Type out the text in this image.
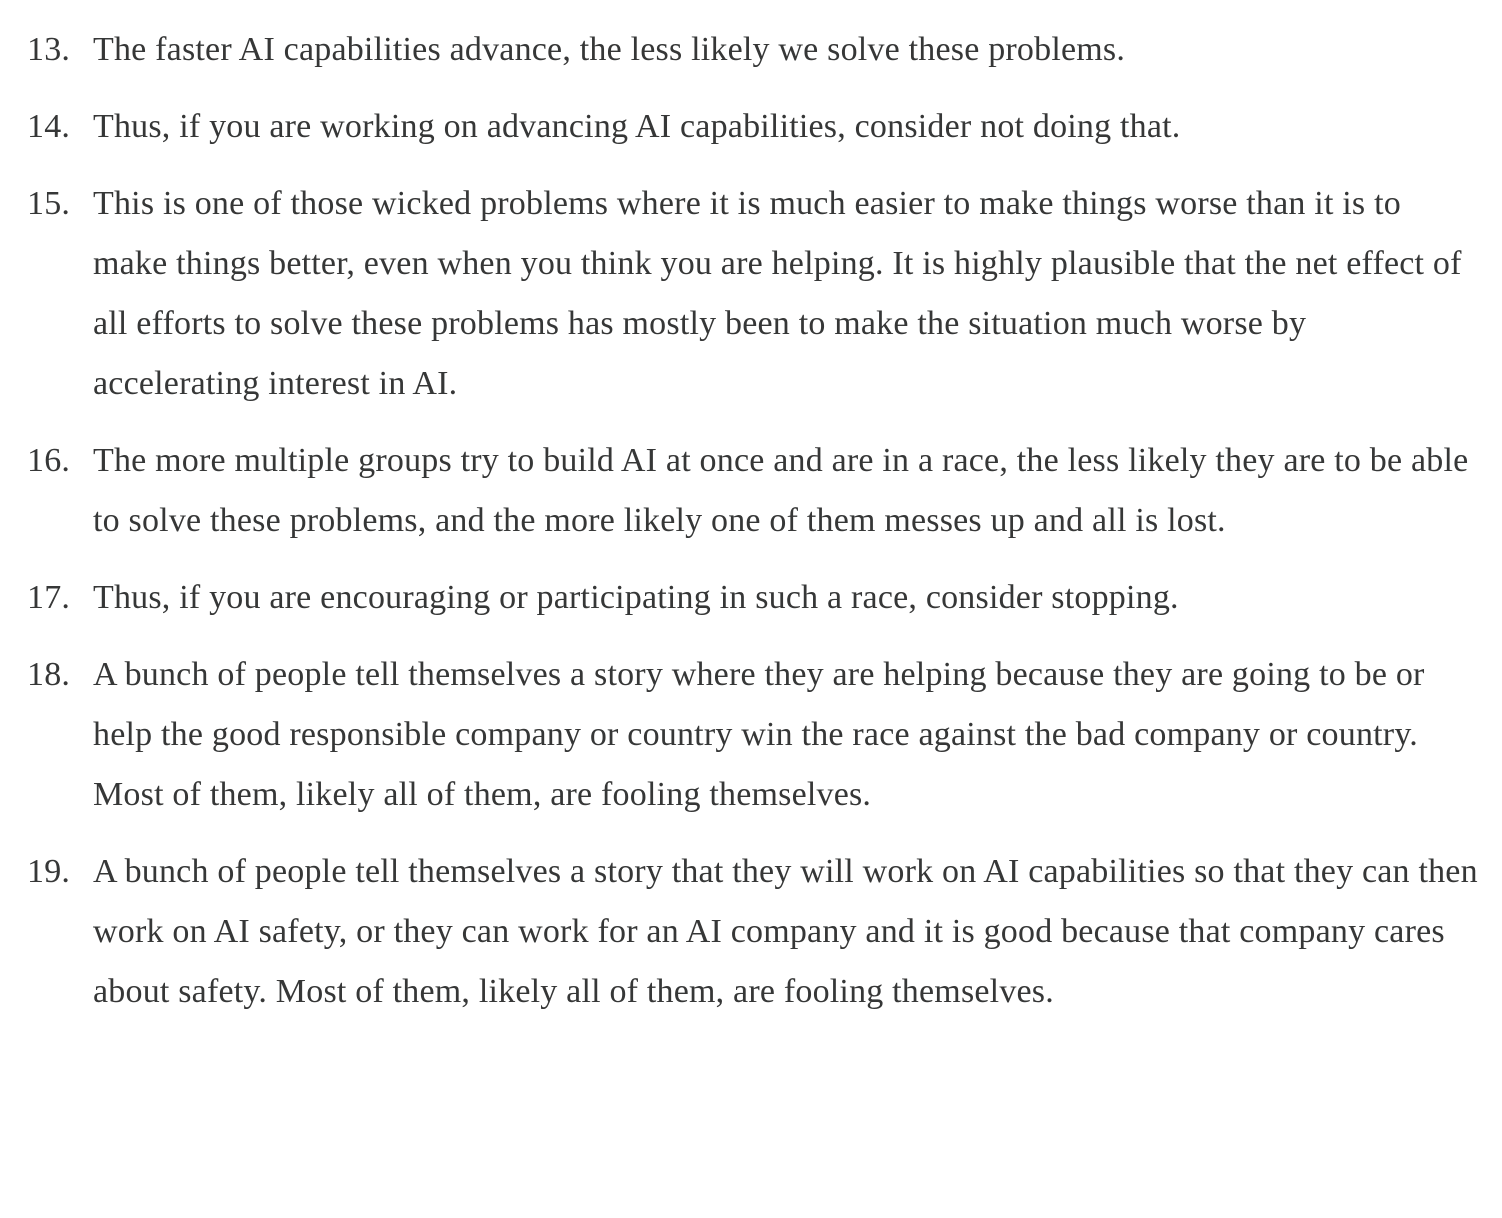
13. The faster AI capabilities advance, the less likely we solve these problems.
14. Thus, if you are working on advancing AI capabilities, consider not doing that.
15. This is one of those wicked problems where it is much easier to make things worse than it is to make things better, even when you think you are helping. It is highly plausible that the net effect of all efforts to solve these problems has mostly been to make the situation much worse by accelerating interest in AI.
16. The more multiple groups try to build AI at once and are in a race, the less likely they are to be able to solve these problems, and the more likely one of them messes up and all is lost.
17. Thus, if you are encouraging or participating in such a race, consider stopping.
18. A bunch of people tell themselves a story where they are helping because they are going to be or help the good responsible company or country win the race against the bad company or country. Most of them, likely all of them, are fooling themselves.
19. A bunch of people tell themselves a story that they will work on AI capabilities so that they can then work on AI safety, or they can work for an AI company and it is good because that company cares about safety. Most of them, likely all of them, are fooling themselves.
